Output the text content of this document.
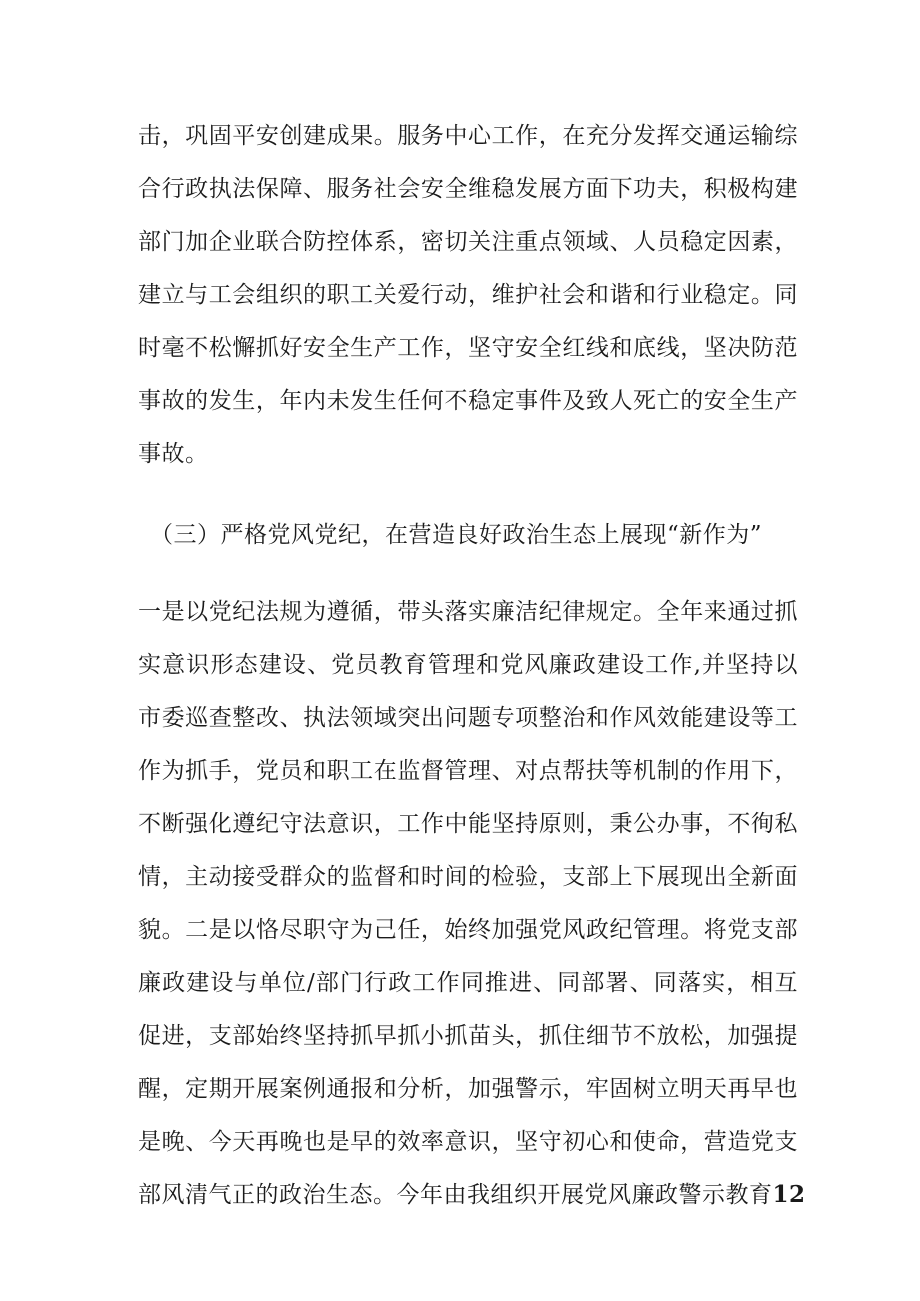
击，巩固平安创建成果。服务中心工作，在充分发挥交通运输综
合行政执法保障、服务社会安全维稳发展方面下功夫，积极构建
部门加企业联合防控体系，密切关注重点领域、人员稳定因素，
建立与工会组织的职工关爱行动，维护社会和谐和行业稳定。同
时毫不松懈抓好安全生产工作，坚守安全红线和底线，坚决防范
事故的发生，年内未发生任何不稳定事件及致人死亡的安全生产
事故。
（三）严格党风党纪，在营造良好政治生态上展现“新作为”
一是以党纪法规为遵循，带头落实廉洁纪律规定。全年来通过抓
实意识形态建设、党员教育管理和党风廉政建设工作,并坚持以
市委巡查整改、执法领域突出问题专项整治和作风效能建设等工
作为抓手，党员和职工在监督管理、对点帮扶等机制的作用下，
不断强化遵纪守法意识，工作中能坚持原则，秉公办事，不徇私
情，主动接受群众的监督和时间的检验，支部上下展现出全新面
貌。二是以恪尽职守为己任，始终加强党风政纪管理。将党支部
廉政建设与单位/部门行政工作同推进、同部署、同落实，相互
促进，支部始终坚持抓早抓小抓苗头，抓住细节不放松，加强提
醒，定期开展案例通报和分析，加强警示，牢固树立明天再早也
是晚、今天再晚也是早的效率意识，坚守初心和使命，营造党支
部风清气正的政治生态。今年由我组织开展党风廉政警示教育12
